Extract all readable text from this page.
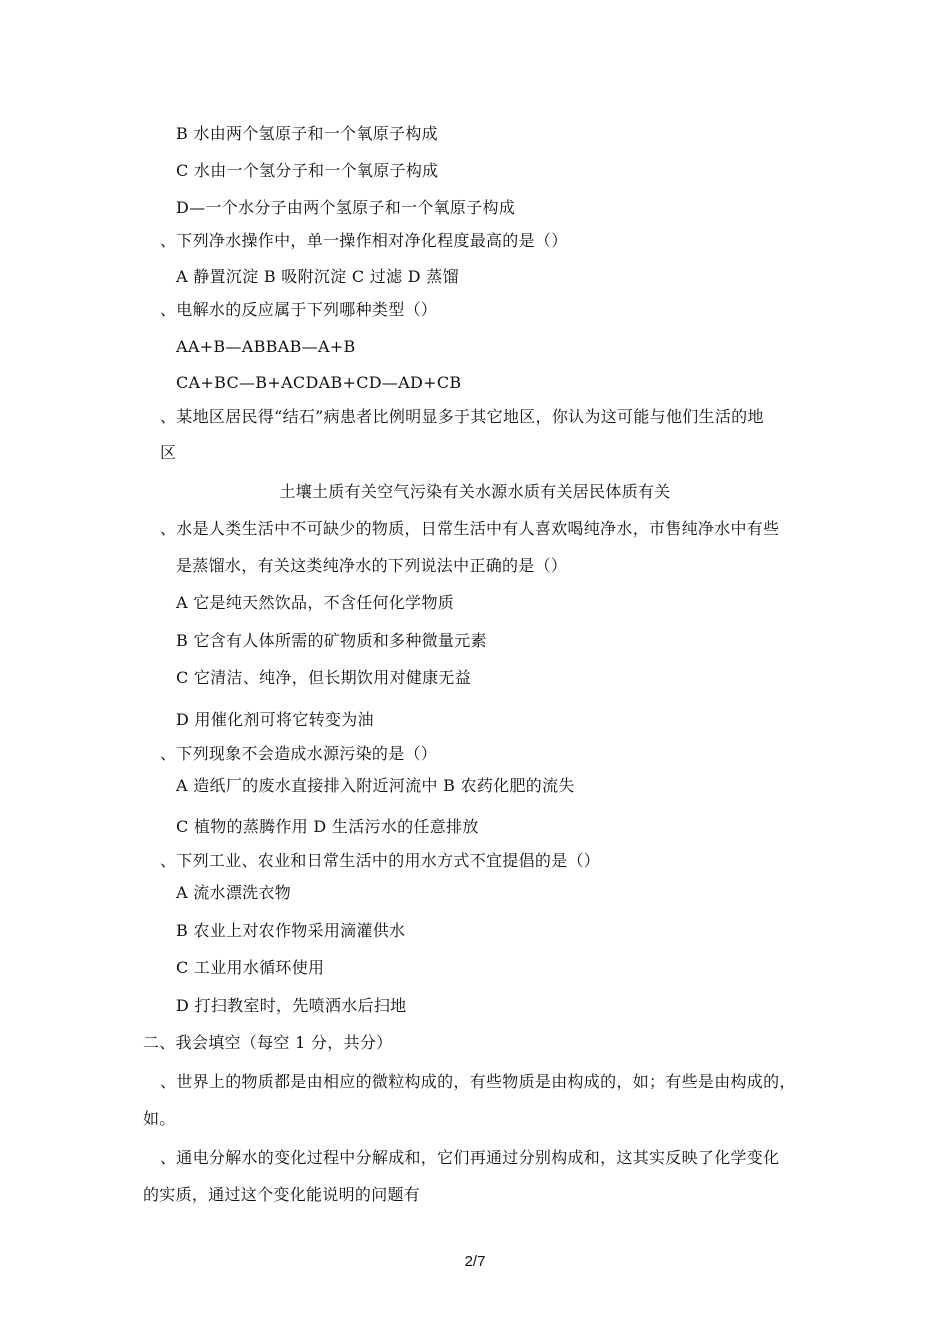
B 水由两个氢原子和一个氧原子构成
C 水由一个氢分子和一个氧原子构成
D—一个水分子由两个氢原子和一个氧原子构成
、下列净水操作中，单一操作相对净化程度最高的是（）
A 静置沉淀 B 吸附沉淀 C 过滤 D 蒸馏
、电解水的反应属于下列哪种类型（）
AA+B—ABBAB—A+B
CA+BC—B+ACDAB+CD—AD+CB
、某地区居民得“结石”病患者比例明显多于其它地区，你认为这可能与他们生活的地
区
土壤土质有关空气污染有关水源水质有关居民体质有关
、水是人类生活中不可缺少的物质，日常生活中有人喜欢喝纯净水，市售纯净水中有些
是蒸馏水，有关这类纯净水的下列说法中正确的是（）
A 它是纯天然饮品，不含任何化学物质
B 它含有人体所需的矿物质和多种微量元素
C 它清洁、纯净，但长期饮用对健康无益
D 用催化剂可将它转变为油
、下列现象不会造成水源污染的是（）
A 造纸厂的废水直接排入附近河流中 B 农药化肥的流失
C 植物的蒸腾作用 D 生活污水的任意排放
、下列工业、农业和日常生活中的用水方式不宜提倡的是（）
A 流水漂洗衣物
B 农业上对农作物采用滴灌供水
C 工业用水循环使用
D 打扫教室时，先喷洒水后扫地
二、我会填空（每空 1 分，共分）
、世界上的物质都是由相应的微粒构成的，有些物质是由构成的，如；有些是由构成的，
如。
、通电分解水的变化过程中分解成和，它们再通过分别构成和，这其实反映了化学变化
的实质，通过这个变化能说明的问题有
2/7
